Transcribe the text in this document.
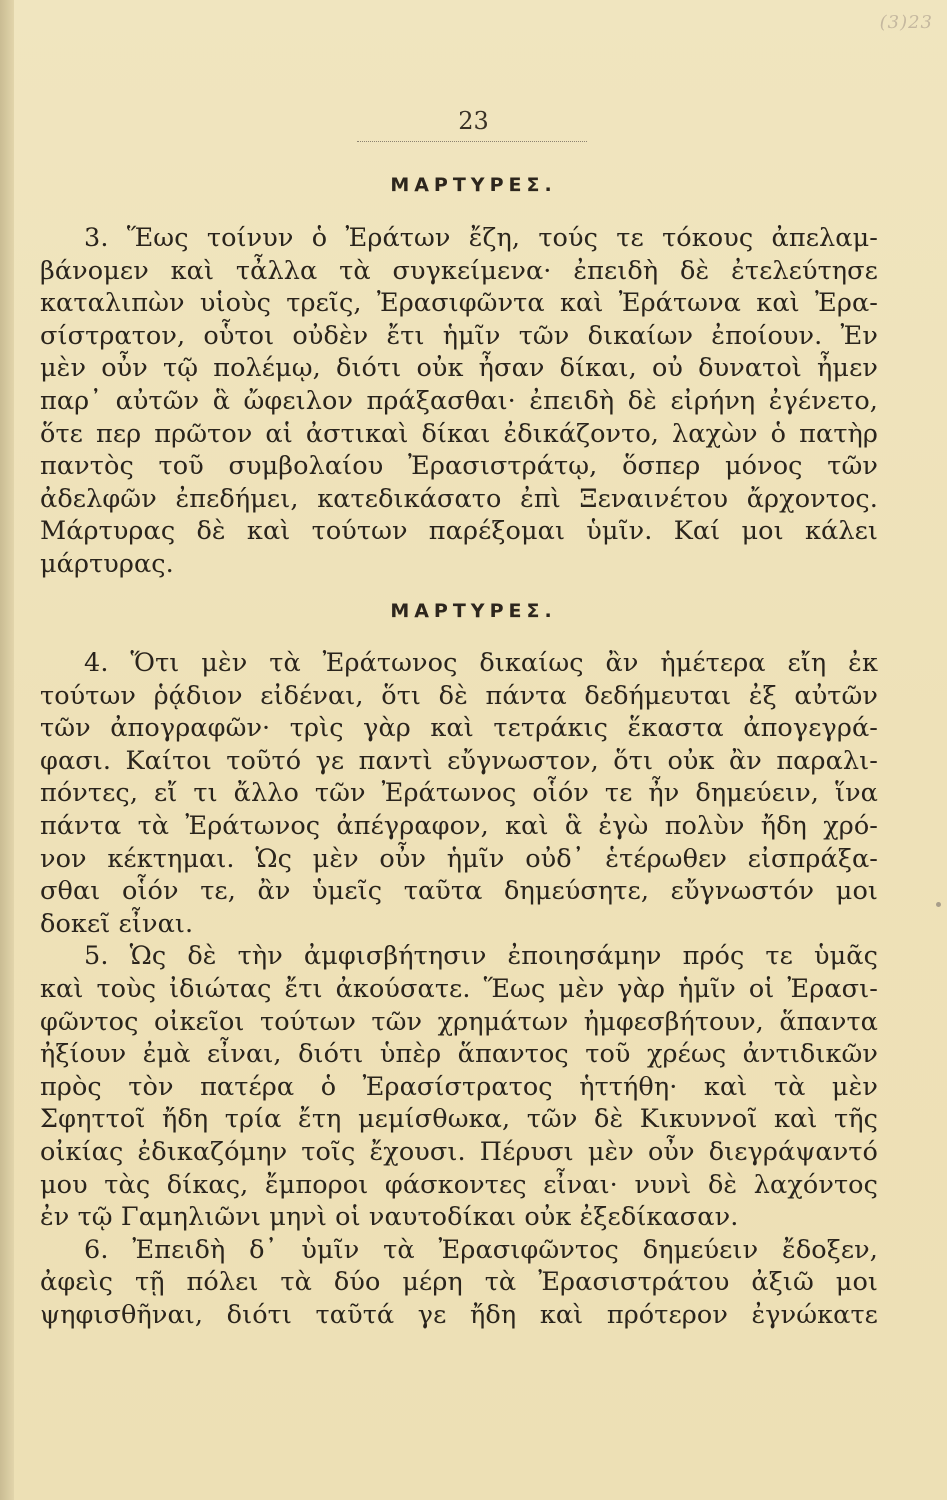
(3)23
23
ΜΑΡΤΥΡΕΣ.
3. Ἕως τοίνυν ὁ Ἐράτων ἔζη, τούς τε τόκους ἀπελαμ-
βάνομεν καὶ τἆλλα τὰ συγκείμενα· ἐπειδὴ δὲ ἐτελεύτησε
καταλιπὼν υἱοὺς τρεῖς, Ἐρασιφῶντα καὶ Ἐράτωνα καὶ Ἐρα-
σίστρατον, οὗτοι οὐδὲν ἔτι ἡμῖν τῶν δικαίων ἐποίουν. Ἐν
μὲν οὖν τῷ πολέμῳ, διότι οὐκ ἦσαν δίκαι, οὐ δυνατοὶ ἦμεν
παρ᾽ αὐτῶν ἃ ὤφειλον πράξασθαι· ἐπειδὴ δὲ εἰρήνη ἐγένετο,
ὅτε περ πρῶτον αἱ ἀστικαὶ δίκαι ἐδικάζοντο, λαχὼν ὁ πατὴρ
παντὸς τοῦ συμβολαίου Ἐρασιστράτῳ, ὅσπερ μόνος τῶν
ἀδελφῶν ἐπεδήμει, κατεδικάσατο ἐπὶ Ξεναινέτου ἄρχοντος.
Μάρτυρας δὲ καὶ τούτων παρέξομαι ὑμῖν. Καί μοι κάλει
μάρτυρας.
ΜΑΡΤΥΡΕΣ.
4. Ὅτι μὲν τὰ Ἐράτωνος δικαίως ἂν ἡμέτερα εἴη ἐκ
τούτων ῥᾴδιον εἰδέναι, ὅτι δὲ πάντα δεδήμευται ἐξ αὐτῶν
τῶν ἀπογραφῶν· τρὶς γὰρ καὶ τετράκις ἕκαστα ἀπογεγρά-
φασι. Καίτοι τοῦτό γε παντὶ εὔγνωστον, ὅτι οὐκ ἂν παραλι-
πόντες, εἴ τι ἄλλο τῶν Ἐράτωνος οἷόν τε ἦν δημεύειν, ἵνα
πάντα τὰ Ἐράτωνος ἀπέγραφον, καὶ ἃ ἐγὼ πολὺν ἤδη χρό-
νον κέκτημαι. Ὡς μὲν οὖν ἡμῖν οὐδ᾽ ἑτέρωθεν εἰσπράξα-
σθαι οἷόν τε, ἂν ὑμεῖς ταῦτα δημεύσητε, εὔγνωστόν μοι
δοκεῖ εἶναι.
5. Ὡς δὲ τὴν ἀμφισβήτησιν ἐποιησάμην πρός τε ὑμᾶς
καὶ τοὺς ἰδιώτας ἔτι ἀκούσατε. Ἕως μὲν γὰρ ἡμῖν οἱ Ἐρασι-
φῶντος οἰκεῖοι τούτων τῶν χρημάτων ἠμφεσβήτουν, ἅπαντα
ἠξίουν ἐμὰ εἶναι, διότι ὑπὲρ ἅπαντος τοῦ χρέως ἀντιδικῶν
πρὸς τὸν πατέρα ὁ Ἐρασίστρατος ἡττήθη· καὶ τὰ μὲν
Σφηττοῖ ἤδη τρία ἔτη μεμίσθωκα, τῶν δὲ Κικυννοῖ καὶ τῆς
οἰκίας ἐδικαζόμην τοῖς ἔχουσι. Πέρυσι μὲν οὖν διεγράψαντό
μου τὰς δίκας, ἔμποροι φάσκοντες εἶναι· νυνὶ δὲ λαχόντος
ἐν τῷ Γαμηλιῶνι μηνὶ οἱ ναυτοδίκαι οὐκ ἐξεδίκασαν.
6. Ἐπειδὴ δ᾽ ὑμῖν τὰ Ἐρασιφῶντος δημεύειν ἔδοξεν,
ἀφεὶς τῇ πόλει τὰ δύο μέρη τὰ Ἐρασιστράτου ἀξιῶ μοι
ψηφισθῆναι, διότι ταῦτά γε ἤδη καὶ πρότερον ἐγνώκατε
